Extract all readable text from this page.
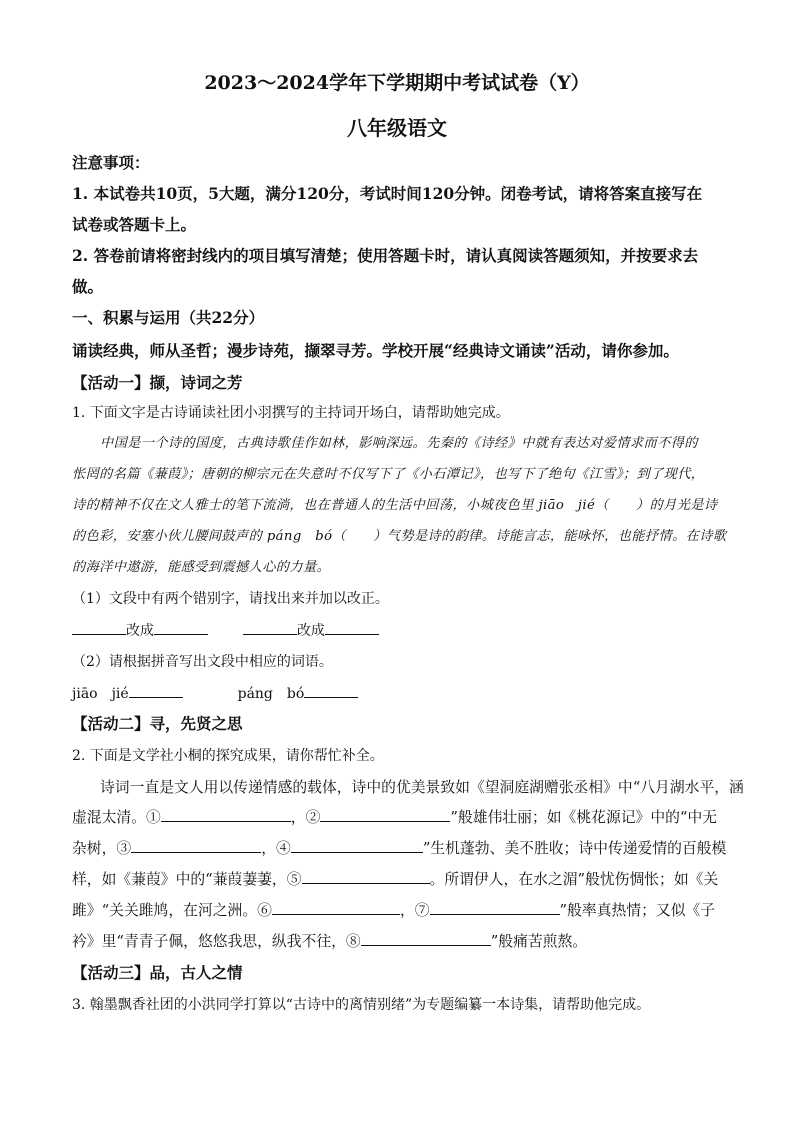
2023～2024学年下学期期中考试试卷（Y）
八年级语文
注意事项：
1. 本试卷共10页，5大题，满分120分，考试时间120分钟。闭卷考试，请将答案直接写在
试卷或答题卡上。
2. 答卷前请将密封线内的项目填写清楚；使用答题卡时，请认真阅读答题须知，并按要求去
做。
一、积累与运用（共22分）
诵读经典，师从圣哲；漫步诗苑，撷翠寻芳。学校开展“经典诗文诵读”活动，请你参加。
【活动一】撷，诗词之芳
1. 下面文字是古诗诵读社团小羽撰写的主持词开场白，请帮助她完成。
中国是一个诗的国度，古典诗歌佳作如林，影响深远。先秦的《诗经》中就有表达对爱情求而不得的
怅罔的名篇《蒹葭》；唐朝的柳宗元在失意时不仅写下了《小石潭记》，也写下了绝句《江雪》；到了现代，
诗的精神不仅在文人雅士的笔下流淌，也在普通人的生活中回荡，小城夜色里 jiāo　jié（　　）的月光是诗
的色彩，安塞小伙儿腰间鼓声的 páng　bó（　　）气势是诗的韵律。诗能言志，能咏怀，也能抒情。在诗歌
的海洋中遨游，能感受到震撼人心的力量。
（1）文段中有两个错别字，请找出来并加以改正。
改成	改成
（2）请根据拼音写出文段中相应的词语。
jiāo　jié	páng　bó
【活动二】寻，先贤之思
2. 下面是文学社小桐的探究成果，请你帮忙补全。
诗词一直是文人用以传递情感的载体，诗中的优美景致如《望洞庭湖赠张丞相》中“八月湖水平，涵
虚混太清。①	，②	”般雄伟壮丽；如《桃花源记》中的“中无
杂树，③	，④	”生机蓬勃、美不胜收；诗中传递爱情的百般模
样，如《蒹葭》中的“蒹葭萋萋，⑤	。所谓伊人，在水之湄”般忧伤惆怅；如《关
雎》“关关雎鸠，在河之洲。⑥	，⑦	”般率真热情；又似《子
衿》里“青青子佩，悠悠我思，纵我不往，⑧	”般痛苦煎熬。
【活动三】品，古人之情
3. 翰墨飘香社团的小洪同学打算以“古诗中的离情别绪”为专题编纂一本诗集，请帮助他完成。
